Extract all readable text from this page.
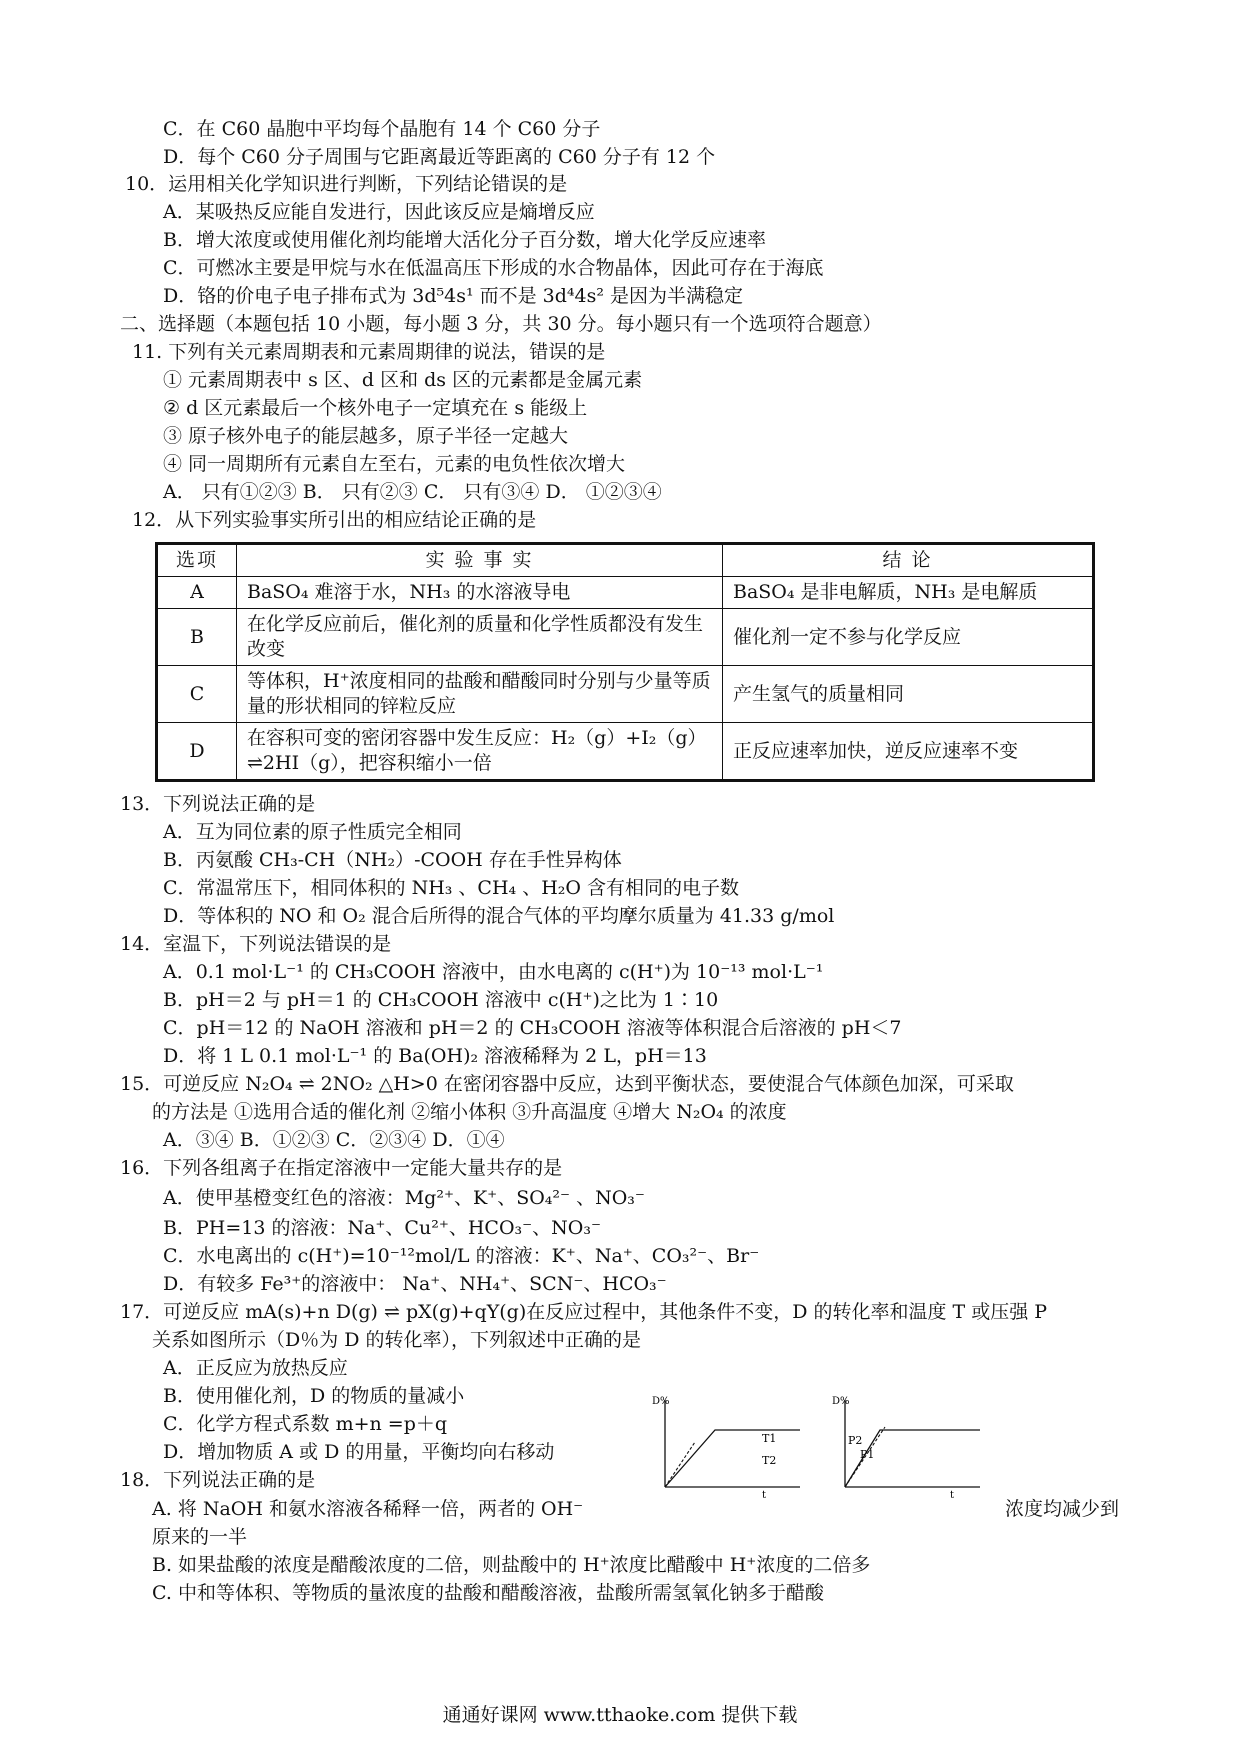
C．在 C60 晶胞中平均每个晶胞有 14 个 C60 分子
D．每个 C60 分子周围与它距离最近等距离的 C60 分子有 12 个
10．运用相关化学知识进行判断，下列结论错误的是
A．某吸热反应能自发进行，因此该反应是熵增反应
B．增大浓度或使用催化剂均能增大活化分子百分数，增大化学反应速率
C．可燃冰主要是甲烷与水在低温高压下形成的水合物晶体，因此可存在于海底
D．铬的价电子电子排布式为 3d⁵4s¹ 而不是 3d⁴4s² 是因为半满稳定
二、选择题（本题包括 10 小题，每小题 3 分，共 30 分。每小题只有一个选项符合题意）
11. 下列有关元素周期表和元素周期律的说法，错误的是
① 元素周期表中 s 区、d 区和 ds 区的元素都是金属元素
② d 区元素最后一个核外电子一定填充在 s 能级上
③ 原子核外电子的能层越多，原子半径一定越大
④ 同一周期所有元素自左至右，元素的电负性依次增大
A． 只有①②③ B． 只有②③ C． 只有③④ D． ①②③④
12．从下列实验事实所引出的相应结论正确的是
选项	实 验 事 实	结 论
A	BaSO₄ 难溶于水，NH₃ 的水溶液导电	BaSO₄ 是非电解质，NH₃ 是电解质
B	在化学反应前后，催化剂的质量和化学性质都没有发生改变	催化剂一定不参与化学反应
C	等体积，H⁺浓度相同的盐酸和醋酸同时分别与少量等质量的形状相同的锌粒反应	产生氢气的质量相同
D	在容积可变的密闭容器中发生反应：H₂（g）+I₂（g）⇌2HI（g），把容积缩小一倍	正反应速率加快，逆反应速率不变
13．下列说法正确的是
A．互为同位素的原子性质完全相同
B．丙氨酸 CH₃-CH（NH₂）-COOH 存在手性异构体
C．常温常压下，相同体积的 NH₃ 、CH₄ 、H₂O 含有相同的电子数
D．等体积的 NO 和 O₂ 混合后所得的混合气体的平均摩尔质量为 41.33 g/mol
14．室温下，下列说法错误的是
A．0.1 mol·L⁻¹ 的 CH₃COOH 溶液中，由水电离的 c(H⁺)为 10⁻¹³ mol·L⁻¹
B．pH＝2 与 pH＝1 的 CH₃COOH 溶液中 c(H⁺)之比为 1∶10
C．pH＝12 的 NaOH 溶液和 pH＝2 的 CH₃COOH 溶液等体积混合后溶液的 pH＜7
D．将 1 L 0.1 mol·L⁻¹ 的 Ba(OH)₂ 溶液稀释为 2 L，pH＝13
15．可逆反应 N₂O₄ ⇌ 2NO₂ △H>0 在密闭容器中反应，达到平衡状态，要使混合气体颜色加深，可采取
的方法是 ①选用合适的催化剂 ②缩小体积 ③升高温度 ④增大 N₂O₄ 的浓度
A．③④ B．①②③ C．②③④ D．①④
16．下列各组离子在指定溶液中一定能大量共存的是
A．使甲基橙变红色的溶液：Mg²⁺、K⁺、SO₄²⁻ 、NO₃⁻
B．PH=13 的溶液：Na⁺、Cu²⁺、HCO₃⁻、NO₃⁻
C．水电离出的 c(H⁺)=10⁻¹²mol/L 的溶液：K⁺、Na⁺、CO₃²⁻、Br⁻
D．有较多 Fe³⁺的溶液中： Na⁺、NH₄⁺、SCN⁻、HCO₃⁻
17．可逆反应 mA(s)+n D(g) ⇌ pX(g)+qY(g)在反应过程中，其他条件不变，D 的转化率和温度 T 或压强 P
关系如图所示（D％为 D 的转化率），下列叙述中正确的是
A．正反应为放热反应
B．使用催化剂，D 的物质的量减小
C．化学方程式系数 m+n =p＋q
D．增加物质 A 或 D 的用量，平衡均向右移动
D%
t
T1
T2
D%
t
P2
P1
18．下列说法正确的是
A. 将 NaOH 和氨水溶液各稀释一倍，两者的 OH⁻	浓度均减少到
原来的一半
B. 如果盐酸的浓度是醋酸浓度的二倍，则盐酸中的 H⁺浓度比醋酸中 H⁺浓度的二倍多
C. 中和等体积、等物质的量浓度的盐酸和醋酸溶液，盐酸所需氢氧化钠多于醋酸
通通好课网 www.tthaoke.com 提供下载
